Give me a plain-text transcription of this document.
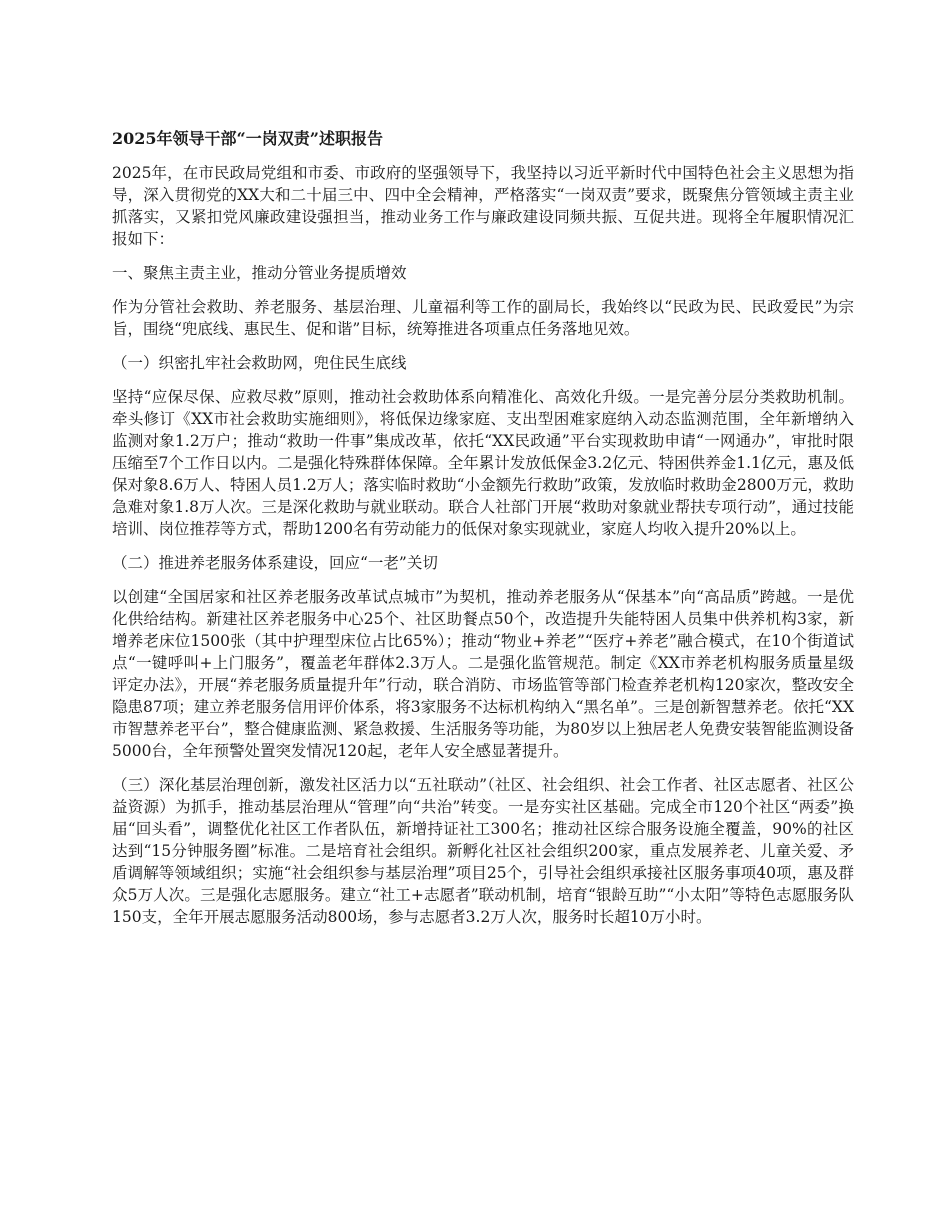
2025年领导干部“一岗双责”述职报告
2025年，在市民政局党组和市委、市政府的坚强领导下，我坚持以习近平新时代中国特色社会主义思想为指导，深入贯彻党的XX大和二十届三中、四中全会精神，严格落实“一岗双责”要求，既聚焦分管领域主责主业抓落实，又紧扣党风廉政建设强担当，推动业务工作与廉政建设同频共振、互促共进。现将全年履职情况汇报如下：
一、聚焦主责主业，推动分管业务提质增效
作为分管社会救助、养老服务、基层治理、儿童福利等工作的副局长，我始终以“民政为民、民政爱民”为宗旨，围绕“兜底线、惠民生、促和谐”目标，统筹推进各项重点任务落地见效。
（一）织密扎牢社会救助网，兜住民生底线
坚持“应保尽保、应救尽救”原则，推动社会救助体系向精准化、高效化升级。一是完善分层分类救助机制。牵头修订《XX市社会救助实施细则》，将低保边缘家庭、支出型困难家庭纳入动态监测范围，全年新增纳入监测对象1.2万户；推动“救助一件事”集成改革，依托“XX民政通”平台实现救助申请“一网通办”，审批时限压缩至7个工作日以内。二是强化特殊群体保障。全年累计发放低保金3.2亿元、特困供养金1.1亿元，惠及低保对象8.6万人、特困人员1.2万人；落实临时救助“小金额先行救助”政策，发放临时救助金2800万元，救助急难对象1.8万人次。三是深化救助与就业联动。联合人社部门开展“救助对象就业帮扶专项行动”，通过技能培训、岗位推荐等方式，帮助1200名有劳动能力的低保对象实现就业，家庭人均收入提升20%以上。
（二）推进养老服务体系建设，回应“一老”关切
以创建“全国居家和社区养老服务改革试点城市”为契机，推动养老服务从“保基本”向“高品质”跨越。一是优化供给结构。新建社区养老服务中心25个、社区助餐点50个，改造提升失能特困人员集中供养机构3家，新增养老床位1500张（其中护理型床位占比65%）；推动“物业+养老”“医疗+养老”融合模式，在10个街道试点“一键呼叫+上门服务”，覆盖老年群体2.3万人。二是强化监管规范。制定《XX市养老机构服务质量星级评定办法》，开展“养老服务质量提升年”行动，联合消防、市场监管等部门检查养老机构120家次，整改安全隐患87项；建立养老服务信用评价体系，将3家服务不达标机构纳入“黑名单”。三是创新智慧养老。依托“XX市智慧养老平台”，整合健康监测、紧急救援、生活服务等功能，为80岁以上独居老人免费安装智能监测设备5000台，全年预警处置突发情况120起，老年人安全感显著提升。
（三）深化基层治理创新，激发社区活力以“五社联动”（社区、社会组织、社会工作者、社区志愿者、社区公益资源）为抓手，推动基层治理从“管理”向“共治”转变。一是夯实社区基础。完成全市120个社区“两委”换届“回头看”，调整优化社区工作者队伍，新增持证社工300名；推动社区综合服务设施全覆盖，90%的社区达到“15分钟服务圈”标准。二是培育社会组织。新孵化社区社会组织200家，重点发展养老、儿童关爱、矛盾调解等领域组织；实施“社会组织参与基层治理”项目25个，引导社会组织承接社区服务事项40项，惠及群众5万人次。三是强化志愿服务。建立“社工+志愿者”联动机制，培育“银龄互助”“小太阳”等特色志愿服务队150支，全年开展志愿服务活动800场，参与志愿者3.2万人次，服务时长超10万小时。
